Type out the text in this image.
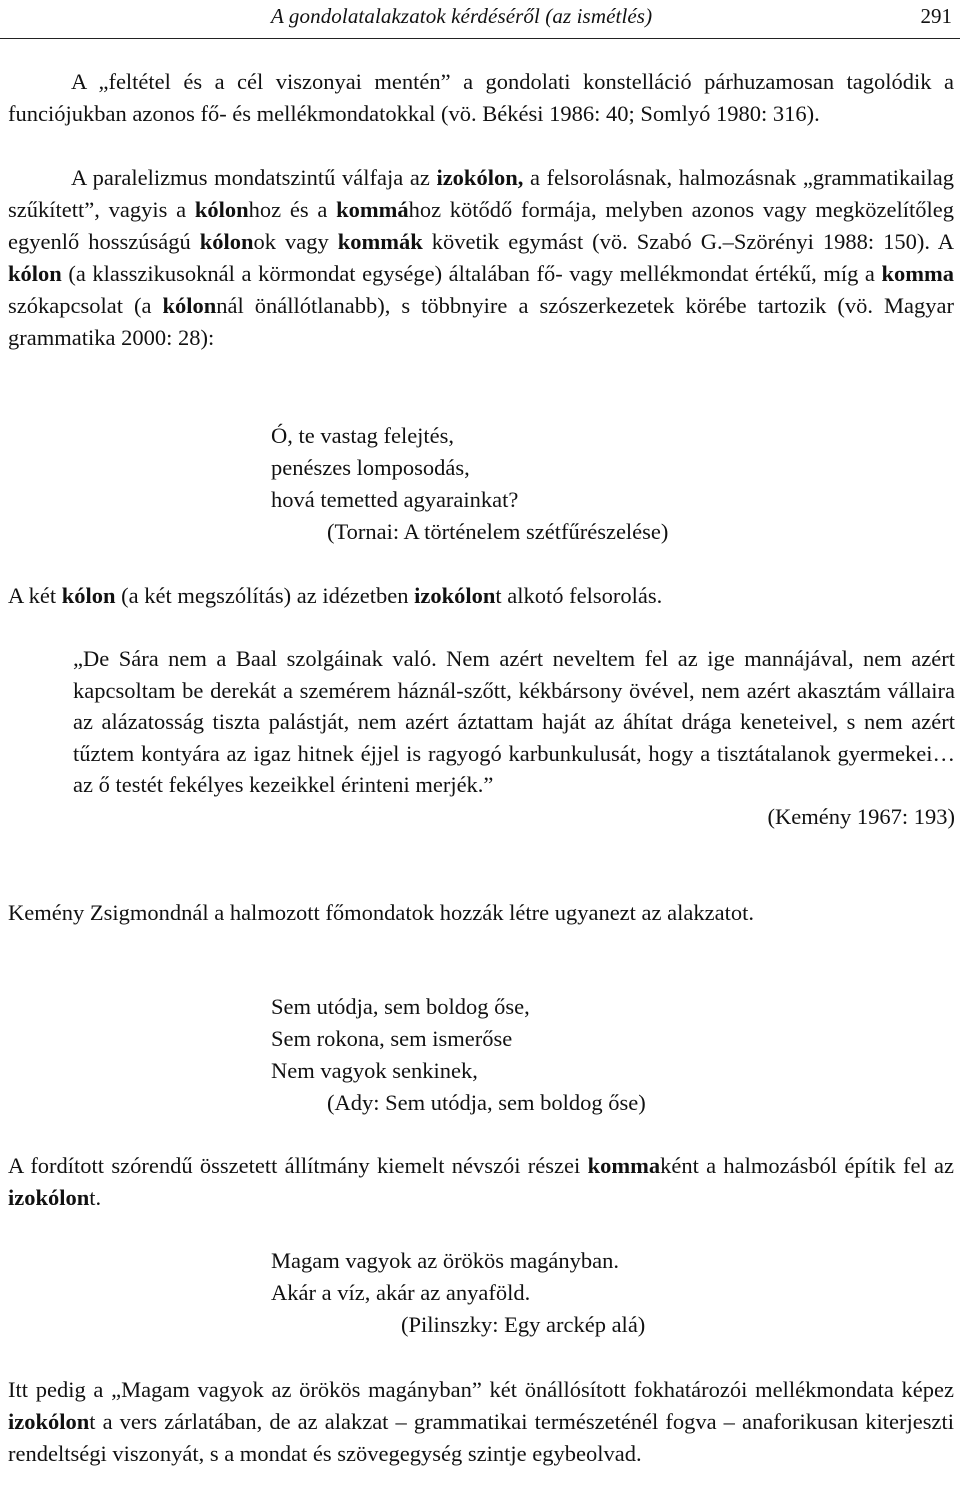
A gondolatalakzatok kérdéséről (az ismétlés)	291

A „feltétel és a cél viszonyai mentén” a gondolati konstelláció párhuzamosan tagolódik a funciójukban azonos fő- és mellékmondatokkal (vö. Békési 1986: 40; Somlyó 1980: 316).

A paralelizmus mondatszintű válfaja az izokólon, a felsorolásnak, halmozásnak „grammatikailag szűkített”, vagyis a kólonhoz és a kommához kötődő formája, melyben azonos vagy megközelítőleg egyenlő hosszúságú kólonok vagy kommák követik egymást (vö. Szabó G.–Szörényi 1988: 150). A kólon (a klasszikusoknál a körmondat egysége) általában fő- vagy mellékmondat értékű, míg a komma szókapcsolat (a kólonnál önállótlanabb), s többnyire a szószerkezetek körébe tartozik (vö. Magyar grammatika 2000: 28):

Ó, te vastag felejtés,
penészes lomposodás,
hová temetted agyarainkat?
(Tornai: A történelem szétfűrészelése)

A két kólon (a két megszólítás) az idézetben izokólont alkotó felsorolás.

„De Sára nem a Baal szolgáinak való. Nem azért neveltem fel az ige mannájával, nem azért kapcsoltam be derekát a szemérem háznál-szőtt, kékbársony övével, nem azért akasztám vállaira az alázatosság tiszta palástját, nem azért áztattam haját az áhítat drága keneteivel, s nem azért tűztem kontyára az igaz hitnek éjjel is ragyogó karbunkulusát, hogy a tisztátalanok gyermekei… az ő testét fekélyes kezeikkel érinteni merjék.”
(Kemény 1967: 193)

Kemény Zsigmondnál a halmozott főmondatok hozzák létre ugyanezt az alakzatot.

Sem utódja, sem boldog őse,
Sem rokona, sem ismerőse
Nem vagyok senkinek,
(Ady: Sem utódja, sem boldog őse)

A fordított szórendű összetett állítmány kiemelt névszói részei kommaként a halmozásból építik fel az izokólont.

Magam vagyok az örökös magányban.
Akár a víz, akár az anyaföld.
(Pilinszky: Egy arckép alá)

Itt pedig a „Magam vagyok az örökös magányban” két önállósított fokhatározói mellékmondata képez izokólont a vers zárlatában, de az alakzat – grammatikai természeténél fogva – anaforikusan kiterjeszti rendeltségi viszonyát, s a mondat és szövegegység szintje egybeolvad.
